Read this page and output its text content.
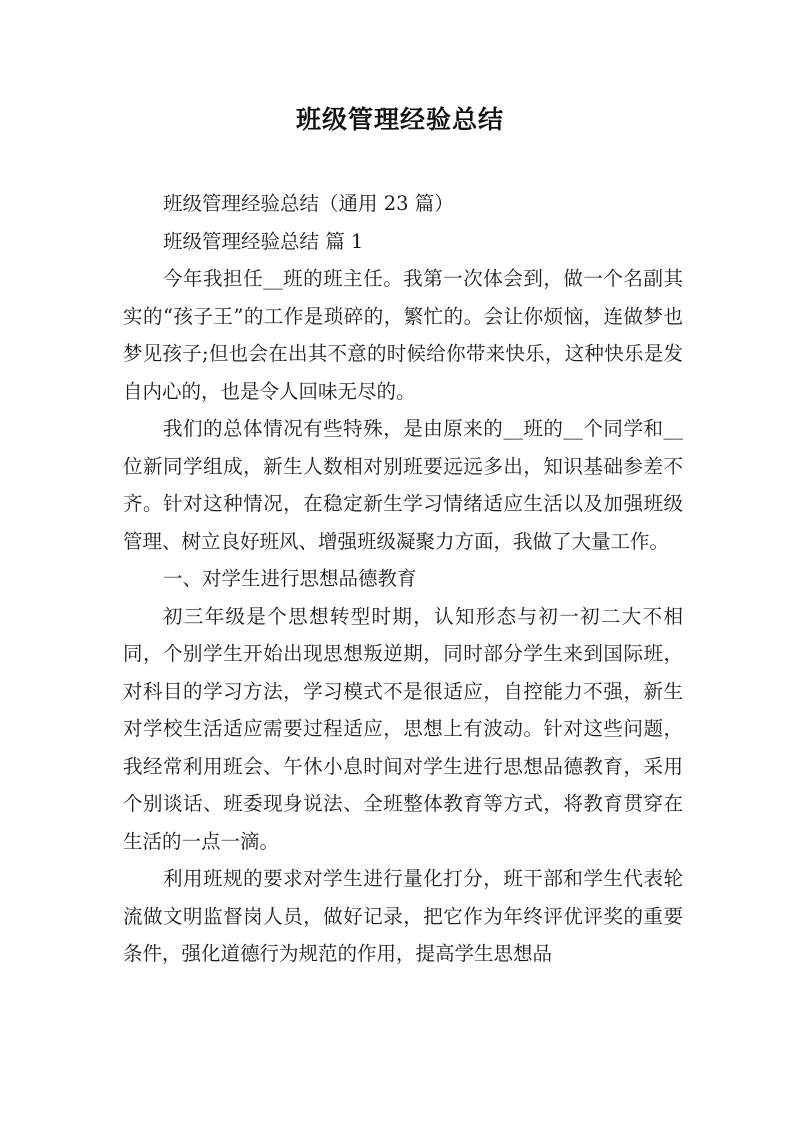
班级管理经验总结

班级管理经验总结（通用 23 篇）

班级管理经验总结 篇 1

今年我担任__班的班主任。我第一次体会到，做一个名副其实的“孩子王”的工作是琐碎的，繁忙的。会让你烦恼，连做梦也梦见孩子;但也会在出其不意的时候给你带来快乐，这种快乐是发自内心的，也是令人回味无尽的。

我们的总体情况有些特殊，是由原来的__班的__个同学和__位新同学组成，新生人数相对别班要远远多出，知识基础参差不齐。针对这种情况，在稳定新生学习情绪适应生活以及加强班级管理、树立良好班风、增强班级凝聚力方面，我做了大量工作。

一、对学生进行思想品德教育

初三年级是个思想转型时期，认知形态与初一初二大不相同，个别学生开始出现思想叛逆期，同时部分学生来到国际班，对科目的学习方法，学习模式不是很适应，自控能力不强，新生对学校生活适应需要过程适应，思想上有波动。针对这些问题，我经常利用班会、午休小息时间对学生进行思想品德教育，采用个别谈话、班委现身说法、全班整体教育等方式，将教育贯穿在生活的一点一滴。

利用班规的要求对学生进行量化打分，班干部和学生代表轮流做文明监督岗人员，做好记录，把它作为年终评优评奖的重要条件，强化道德行为规范的作用，提高学生思想品
